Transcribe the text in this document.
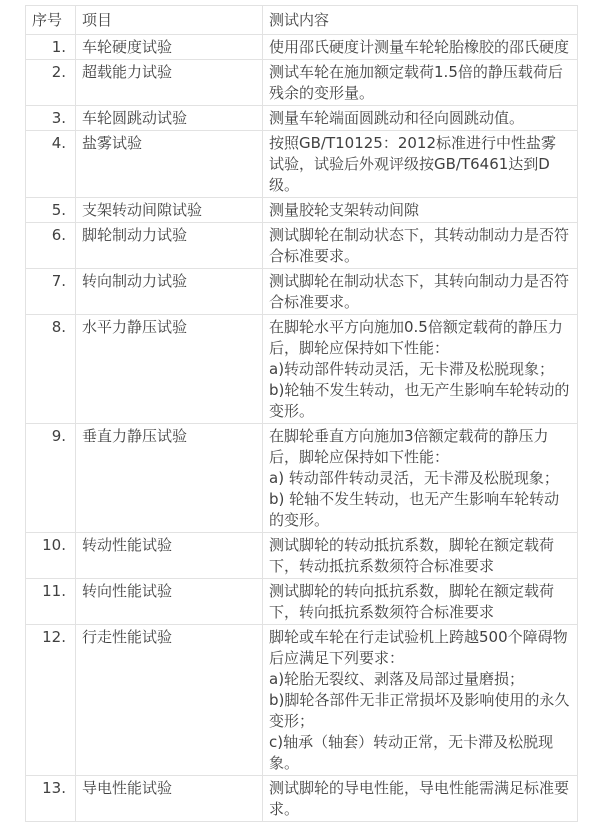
序号	项目	测试内容
1.	车轮硬度试验	使用邵氏硬度计测量车轮轮胎橡胶的邵氏硬度

2.	超载能力试验	测试车轮在施加额定载荷1.5倍的静压载荷后残余的变形量。

3.	车轮圆跳动试验	测量车轮端面圆跳动和径向圆跳动值。

4.	盐雾试验	按照GB/T10125：2012标准进行中性盐雾试验，试验后外观评级按GB/T6461达到D级。

5.	支架转动间隙试验	测量胶轮支架转动间隙

6.	脚轮制动力试验	测试脚轮在制动状态下，其转动制动力是否符合标准要求。

7.	转向制动力试验	测试脚轮在制动状态下，其转向制动力是否符合标准要求。

8.	水平力静压试验	在脚轮水平方向施加0.5倍额定载荷的静压力后，脚轮应保持如下性能：
a)转动部件转动灵活，无卡滞及松脱现象；
b)轮轴不发生转动，也无产生影响车轮转动的变形。

9.	垂直力静压试验	在脚轮垂直方向施加3倍额定载荷的静压力后，脚轮应保持如下性能：
a) 转动部件转动灵活，无卡滞及松脱现象；
b) 轮轴不发生转动，也无产生影响车轮转动的变形。

10.	转动性能试验	测试脚轮的转动抵抗系数，脚轮在额定载荷下，转动抵抗系数须符合标准要求

11.	转向性能试验	测试脚轮的转向抵抗系数，脚轮在额定载荷下，转向抵抗系数须符合标准要求

12.	行走性能试验	脚轮或车轮在行走试验机上跨越500个障碍物后应满足下列要求：
a)轮胎无裂纹、剥落及局部过量磨损；
b)脚轮各部件无非正常损坏及影响使用的永久变形；
c)轴承（轴套）转动正常，无卡滞及松脱现象。

13.	导电性能试验	测试脚轮的导电性能，导电性能需满足标准要求。
